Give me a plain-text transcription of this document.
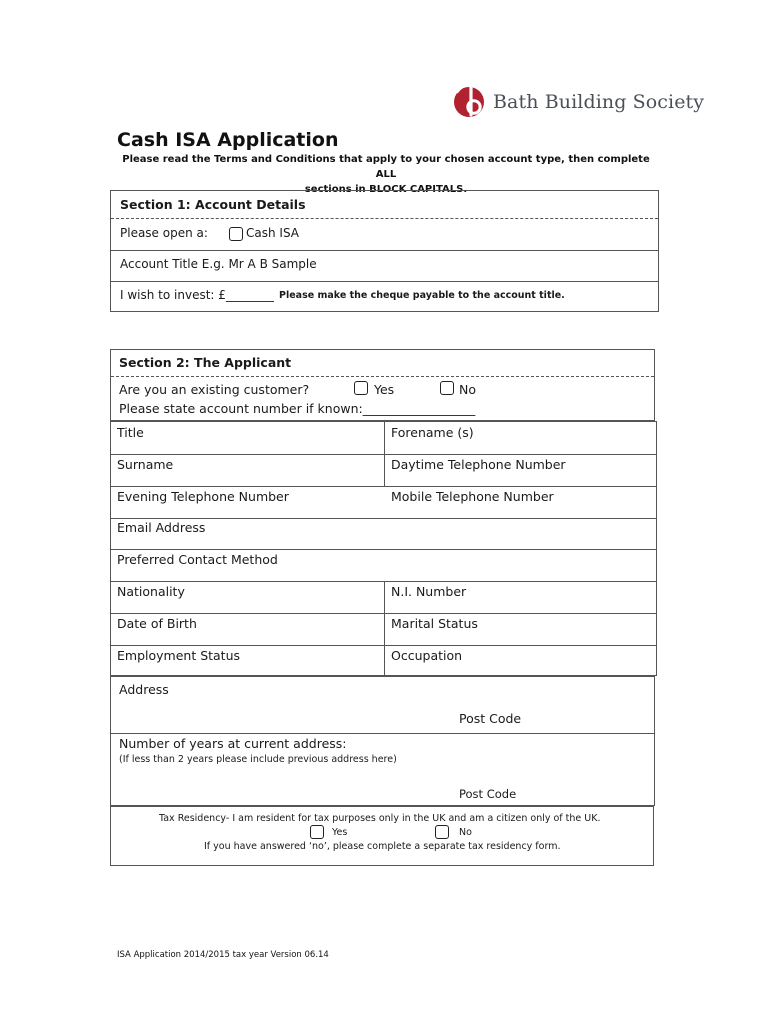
Bath Building Society
Cash ISA Application
Please read the Terms and Conditions that apply to your chosen account type, then complete ALL
sections in BLOCK CAPITALS.
Section 1: Account Details
Please open a:	Cash ISA
Account Title E.g. Mr A B Sample
I wish to invest: £________ Please make the cheque payable to the account title.
Section 2: The Applicant
Are you an existing customer?	Yes	No
Please state account number if known:__________________
Title	Forename (s)
Surname	Daytime Telephone Number
Evening Telephone Number	Mobile Telephone Number
Email Address
Preferred Contact Method
Nationality	N.I. Number
Date of Birth	Marital Status
Employment Status	Occupation
Address
Post Code
Number of years at current address:
(If less than 2 years please include previous address here)
Post Code
Tax Residency- I am resident for tax purposes only in the UK and am a citizen only of the UK.
Yes	No
If you have answered ‘no’, please complete a separate tax residency form.
ISA Application 2014/2015 tax year Version 06.14
